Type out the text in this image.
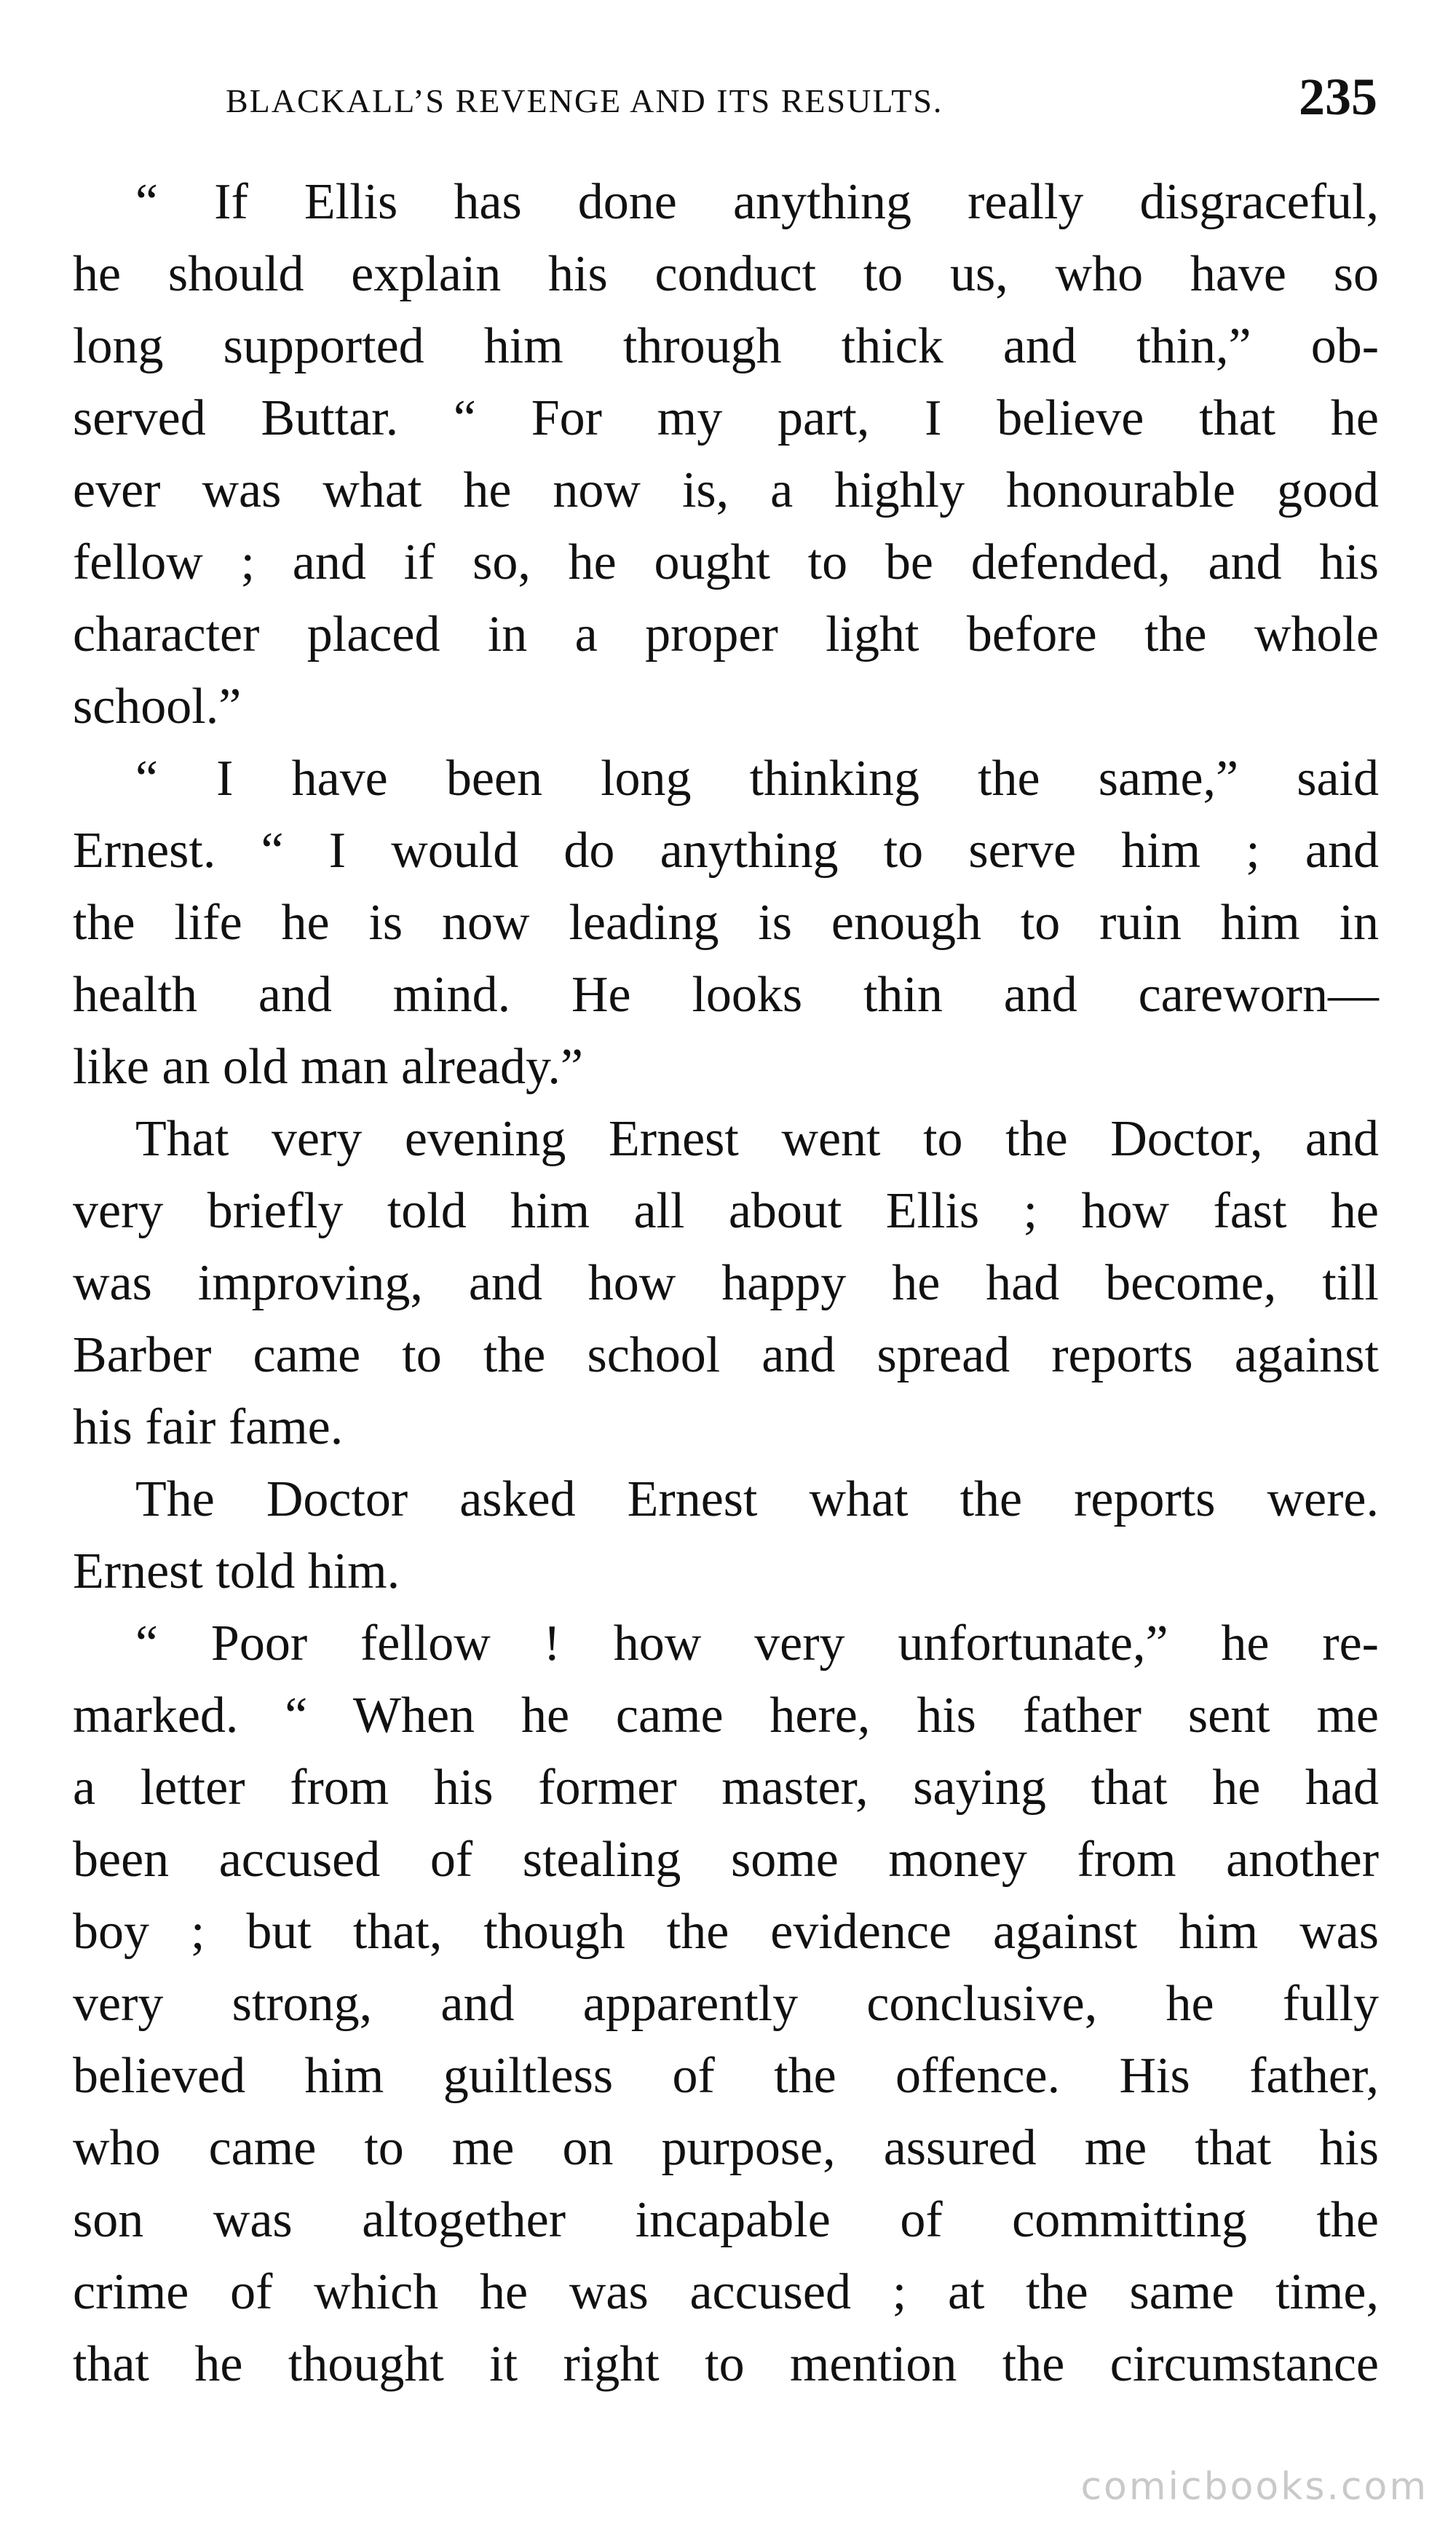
BLACKALL’S REVENGE AND ITS RESULTS.	235
“ If Ellis has done anything really disgraceful,
he should explain his conduct to us, who have so
long supported him through thick and thin,” ob-
served Buttar. “ For my part, I believe that he
ever was what he now is, a highly honourable good
fellow ; and if so, he ought to be defended, and his
character placed in a proper light before the whole
school.”
“ I have been long thinking the same,” said
Ernest. “ I would do anything to serve him ; and
the life he is now leading is enough to ruin him in
health and mind. He looks thin and careworn—
like an old man already.”
That very evening Ernest went to the Doctor, and
very briefly told him all about Ellis ; how fast he
was improving, and how happy he had become, till
Barber came to the school and spread reports against
his fair fame.
The Doctor asked Ernest what the reports were.
Ernest told him.
“ Poor fellow ! how very unfortunate,” he re-
marked. “ When he came here, his father sent me
a letter from his former master, saying that he had
been accused of stealing some money from another
boy ; but that, though the evidence against him was
very strong, and apparently conclusive, he fully
believed him guiltless of the offence. His father,
who came to me on purpose, assured me that his
son was altogether incapable of committing the
crime of which he was accused ; at the same time,
that he thought it right to mention the circumstance
comicbooks.com
